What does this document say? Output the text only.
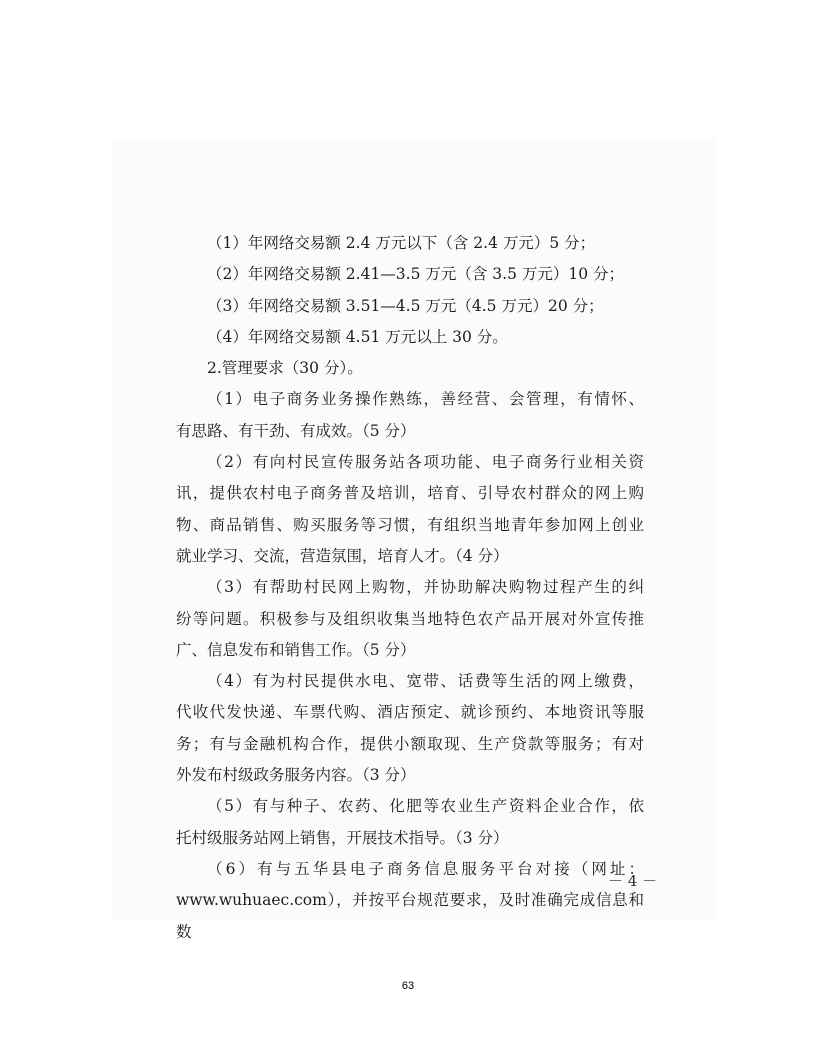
（1）年网络交易额 2.4 万元以下（含 2.4 万元）5 分；

（2）年网络交易额 2.41—3.5 万元（含 3.5 万元）10 分；

（3）年网络交易额 3.51—4.5 万元（4.5 万元）20 分；

（4）年网络交易额 4.51 万元以上 30 分。

2.管理要求（30 分）。

（1）电子商务业务操作熟练，善经营、会管理，有情怀、

有思路、有干劲、有成效。（5 分）

（2）有向村民宣传服务站各项功能、电子商务行业相关资

讯，提供农村电子商务普及培训，培育、引导农村群众的网上购

物、商品销售、购买服务等习惯，有组织当地青年参加网上创业

就业学习、交流，营造氛围，培育人才。（4 分）

（3）有帮助村民网上购物，并协助解决购物过程产生的纠

纷等问题。积极参与及组织收集当地特色农产品开展对外宣传推

广、信息发布和销售工作。（5 分）

（4）有为村民提供水电、宽带、话费等生活的网上缴费，

代收代发快递、车票代购、酒店预定、就诊预约、本地资讯等服

务；有与金融机构合作，提供小额取现、生产贷款等服务；有对

外发布村级政务服务内容。（3 分）

（5）有与种子、农药、化肥等农业生产资料企业合作，依

托村级服务站网上销售，开展技术指导。（3 分）

（6）有与五华县电子商务信息服务平台对接（网址：

www.wuhuaec.com），并按平台规范要求，及时准确完成信息和数

－ 4 －
63
